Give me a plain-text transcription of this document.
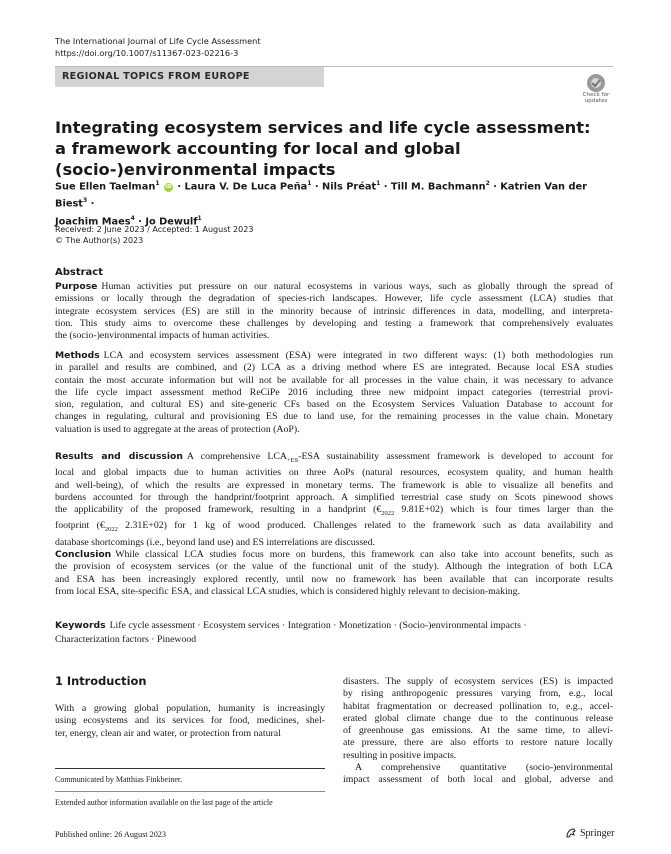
The International Journal of Life Cycle Assessment
https://doi.org/10.1007/s11367-023-02216-3
REGIONAL TOPICS FROM EUROPE
Check for updates
Integrating ecosystem services and life cycle assessment: a framework accounting for local and global (socio-)environmental impacts
Sue Ellen Taelman$^1$ iD · Laura V. De Luca Peña$^1$ · Nils Préat$^1$ · Till M. Bachmann$^2$ · Katrien Van der Biest$^3$ ·
Joachim Maes$^4$ · Jo Dewulf$^1$
Received: 2 June 2023 / Accepted: 1 August 2023
© The Author(s) 2023
Abstract
Purpose Human activities put pressure on our natural ecosystems in various ways, such as globally through the spread of
emissions or locally through the degradation of species-rich landscapes. However, life cycle assessment (LCA) studies that
integrate ecosystem services (ES) are still in the minority because of intrinsic differences in data, modelling, and interpreta-
tion. This study aims to overcome these challenges by developing and testing a framework that comprehensively evaluates
the (socio-)environmental impacts of human activities.
Methods LCA and ecosystem services assessment (ESA) were integrated in two different ways: (1) both methodologies run
in parallel and results are combined, and (2) LCA as a driving method where ES are integrated. Because local ESA studies
contain the most accurate information but will not be available for all processes in the value chain, it was necessary to advance
the life cycle impact assessment method ReCiPe 2016 including three new midpoint impact categories (terrestrial provi-
sion, regulation, and cultural ES) and site-generic CFs based on the Ecosystem Services Valuation Database to account for
changes in regulating, cultural and provisioning ES due to land use, for the remaining processes in the value chain. Monetary
valuation is used to aggregate at the areas of protection (AoP).
Results and discussion A comprehensive $LCA_{+ES}$-ESA sustainability assessment framework is developed to account for
local and global impacts due to human activities on three AoPs (natural resources, ecosystem quality, and human health
and well-being), of which the results are expressed in monetary terms. The framework is able to visualize all benefits and
burdens accounted for through the handprint/footprint approach. A simplified terrestrial case study on Scots pinewood shows
the applicability of the proposed framework, resulting in a handprint ($€_{2022}$ 9.81E+02) which is four times larger than the
footprint ($€_{2022}$ 2.31E+02) for 1 kg of wood produced. Challenges related to the framework such as data availability and
database shortcomings (i.e., beyond land use) and ES interrelations are discussed.
Conclusion While classical LCA studies focus more on burdens, this framework can also take into account benefits, such as
the provision of ecosystem services (or the value of the functional unit of the study). Although the integration of both LCA
and ESA has been increasingly explored recently, until now no framework has been available that can incorporate results
from local ESA, site-specific ESA, and classical LCA studies, which is considered highly relevant to decision-making.
Keywords Life cycle assessment · Ecosystem services · Integration · Monetization · (Socio-)environmental impacts ·
Characterization factors · Pinewood
1 Introduction
With a growing global population, humanity is increasingly
using ecosystems and its services for food, medicines, shel-
ter, energy, clean air and water, or protection from natural
disasters. The supply of ecosystem services (ES) is impacted
by rising anthropogenic pressures varying from, e.g., local
habitat fragmentation or decreased pollination to, e.g., accel-
erated global climate change due to the continuous release
of greenhouse gas emissions. At the same time, to allevi-
ate pressure, there are also efforts to restore nature locally
resulting in positive impacts.
A comprehensive quantitative (socio-)environmental
impact assessment of both local and global, adverse and
Communicated by Matthias Finkbeiner.
Extended author information available on the last page of the article
Published online: 26 August 2023	Springer
